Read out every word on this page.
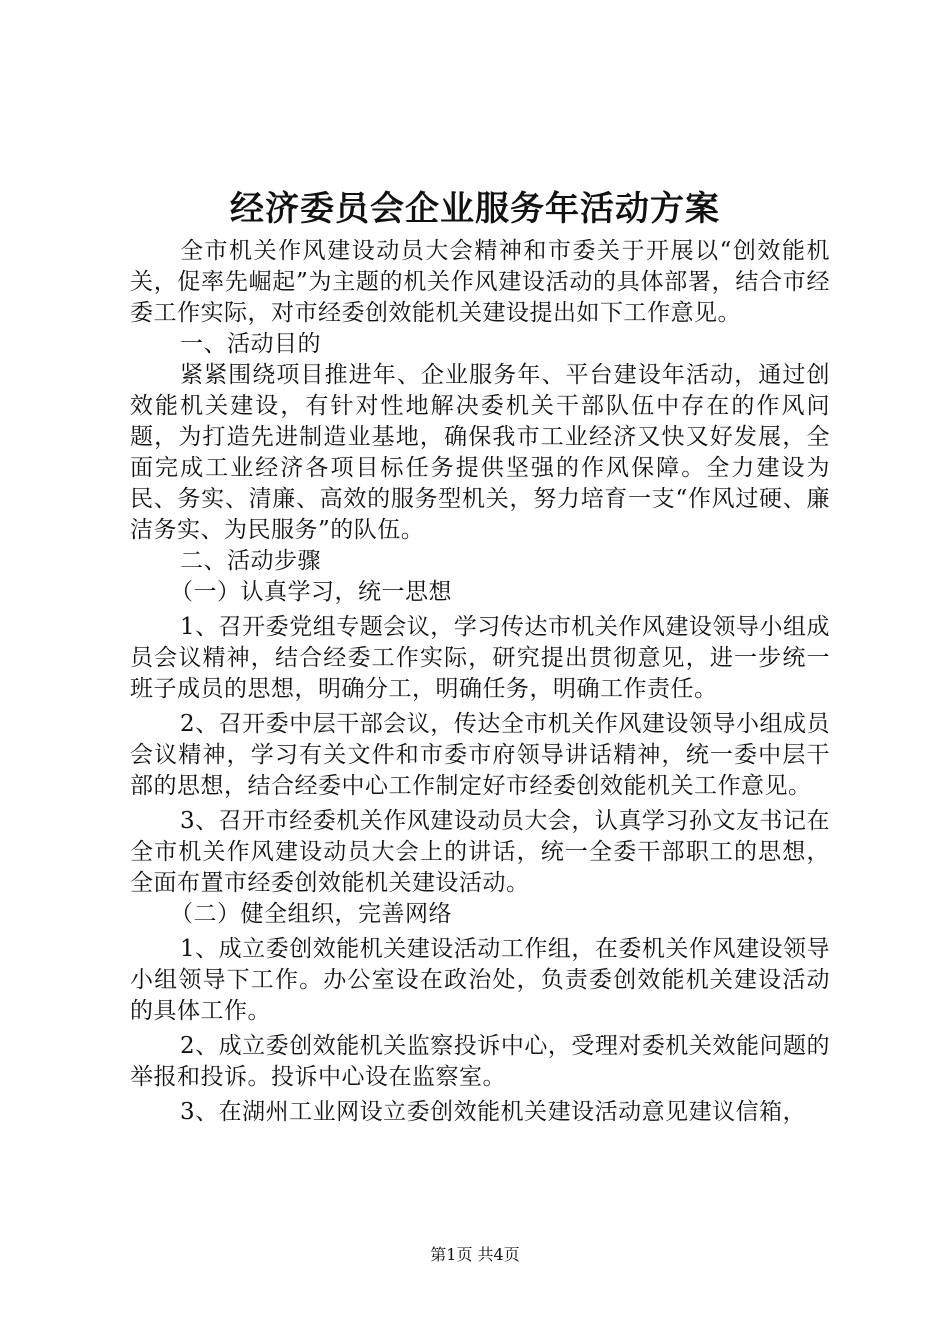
经济委员会企业服务年活动方案

全市机关作风建设动员大会精神和市委关于开展以“创效能机关，促率先崛起”为主题的机关作风建设活动的具体部署，结合市经委工作实际，对市经委创效能机关建设提出如下工作意见。

一、活动目的

紧紧围绕项目推进年、企业服务年、平台建设年活动，通过创效能机关建设，有针对性地解决委机关干部队伍中存在的作风问题，为打造先进制造业基地，确保我市工业经济又快又好发展，全面完成工业经济各项目标任务提供坚强的作风保障。全力建设为民、务实、清廉、高效的服务型机关，努力培育一支“作风过硬、廉洁务实、为民服务”的队伍。

二、活动步骤

（一）认真学习，统一思想

1、召开委党组专题会议，学习传达市机关作风建设领导小组成员会议精神，结合经委工作实际，研究提出贯彻意见，进一步统一班子成员的思想，明确分工，明确任务，明确工作责任。

2、召开委中层干部会议，传达全市机关作风建设领导小组成员会议精神，学习有关文件和市委市府领导讲话精神，统一委中层干部的思想，结合经委中心工作制定好市经委创效能机关工作意见。

3、召开市经委机关作风建设动员大会，认真学习孙文友书记在全市机关作风建设动员大会上的讲话，统一全委干部职工的思想，全面布置市经委创效能机关建设活动。

（二）健全组织，完善网络

1、成立委创效能机关建设活动工作组，在委机关作风建设领导小组领导下工作。办公室设在政治处，负责委创效能机关建设活动的具体工作。

2、成立委创效能机关监察投诉中心，受理对委机关效能问题的举报和投诉。投诉中心设在监察室。

3、在湖州工业网设立委创效能机关建设活动意见建议信箱，

第1页 共4页
